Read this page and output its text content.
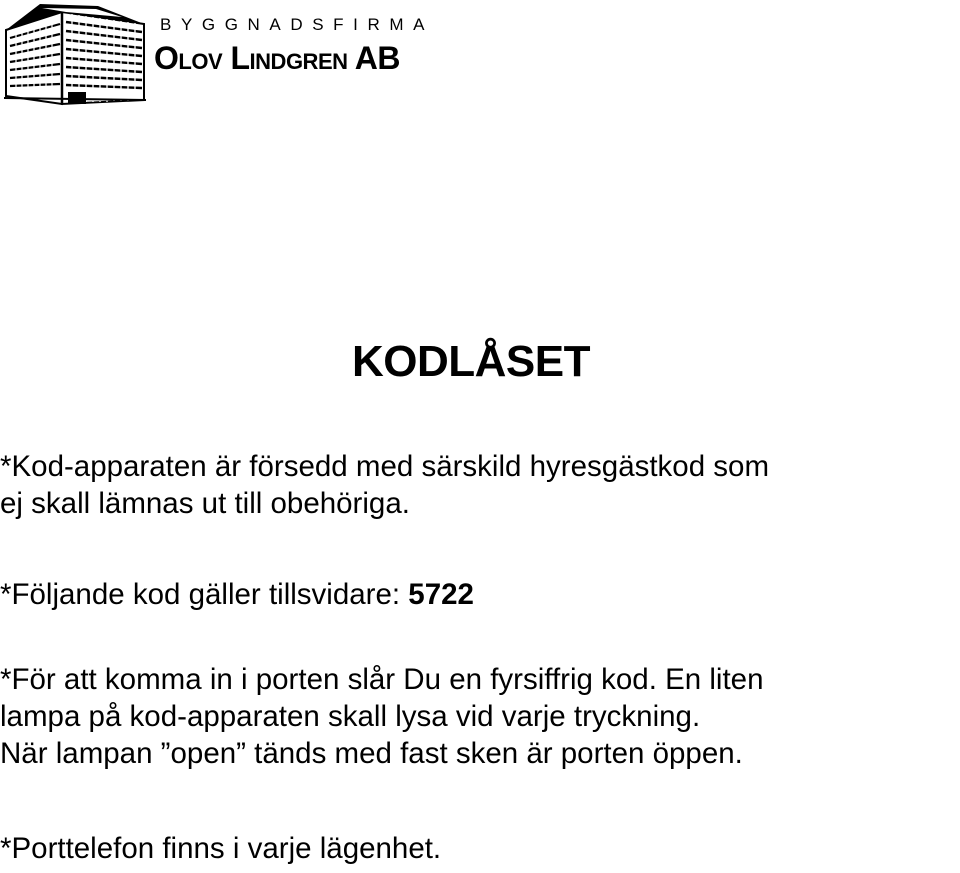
BYGGNADSFIRMA
Olov Lindgren AB
KODLÅSET
*Kod-apparaten är försedd med särskild hyresgästkod som
ej skall lämnas ut till obehöriga.
*Följande kod gäller tillsvidare: 5722
*För att komma in i porten slår Du en fyrsiffrig kod. En liten
lampa på kod-apparaten skall lysa vid varje tryckning.
När lampan ”open” tänds med fast sken är porten öppen.
*Porttelefon finns i varje lägenhet.
